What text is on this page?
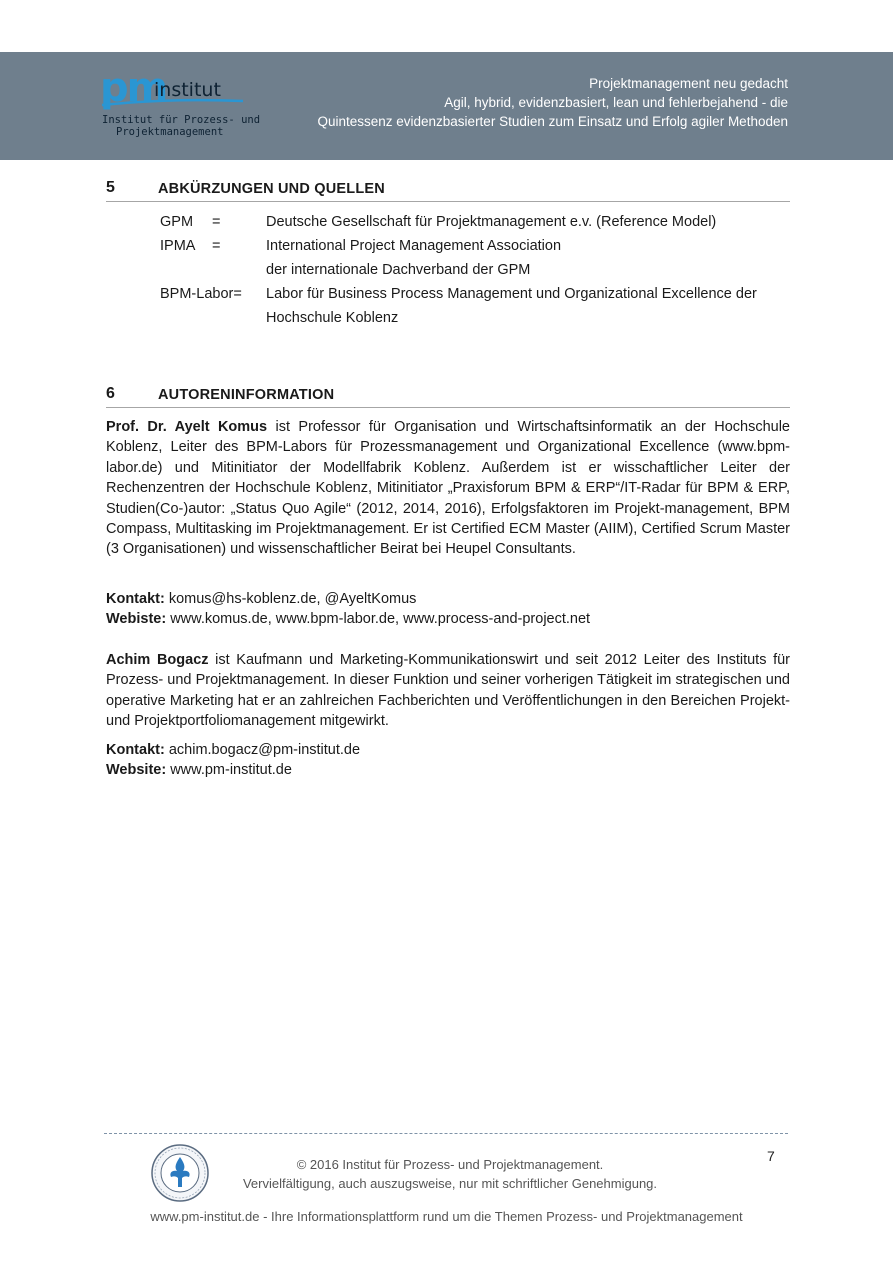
pm
institut
Institut für Prozess- und
Projektmanagement
Projektmanagement neu gedacht
Agil, hybrid, evidenzbasiert, lean und fehlerbejahend - die
Quintessenz evidenzbasierter Studien zum Einsatz und Erfolg agiler Methoden
5	ABKÜRZUNGEN UND QUELLEN
GPM =	Deutsche Gesellschaft für Projektmanagement e.v. (Reference Model)
IPMA =	International Project Management Association
der internationale Dachverband der GPM
BPM-Labor= Labor für Business Process Management und Organizational Excellence der
Hochschule Koblenz
6	AUTORENINFORMATION

Prof. Dr. Ayelt Komus ist Professor für Organisation und Wirtschaftsinformatik an der Hochschule Koblenz, Leiter des BPM-Labors für Prozessmanagement und Organizational Excellence (www.bpm-labor.de) und Mitinitiator der Modellfabrik Koblenz. Außerdem ist er wisschaftlicher Leiter der Rechenzentren der Hochschule Koblenz, Mitinitiator „Praxisforum BPM & ERP“/IT-Radar für BPM & ERP, Studien(Co-)autor: „Status Quo Agile“ (2012, 2014, 2016), Erfolgsfaktoren im Projekt-management, BPM Compass, Multitasking im Projektmanagement. Er ist Certified ECM Master (AIIM), Certified Scrum Master (3 Organisationen) und wissenschaftlicher Beirat bei Heupel Consultants.

Kontakt: komus@hs-koblenz.de, @AyeltKomus
Webiste: www.komus.de, www.bpm-labor.de, www.process-and-project.net

Achim Bogacz ist Kaufmann und Marketing-Kommunikationswirt und seit 2012 Leiter des Instituts für Prozess- und Projektmanagement. In dieser Funktion und seiner vorherigen Tätigkeit im strategischen und operative Marketing hat er an zahlreichen Fachberichten und Veröffentlichungen in den Bereichen Projekt- und Projektportfoliomanagement mitgewirkt.

Kontakt: achim.bogacz@pm-institut.de
Website: www.pm-institut.de
© 2016 Institut für Prozess- und Projektmanagement.
Vervielfältigung, auch auszugsweise, nur mit schriftlicher Genehmigung.
7
www.pm-institut.de - Ihre Informationsplattform rund um die Themen Prozess- und Projektmanagement
